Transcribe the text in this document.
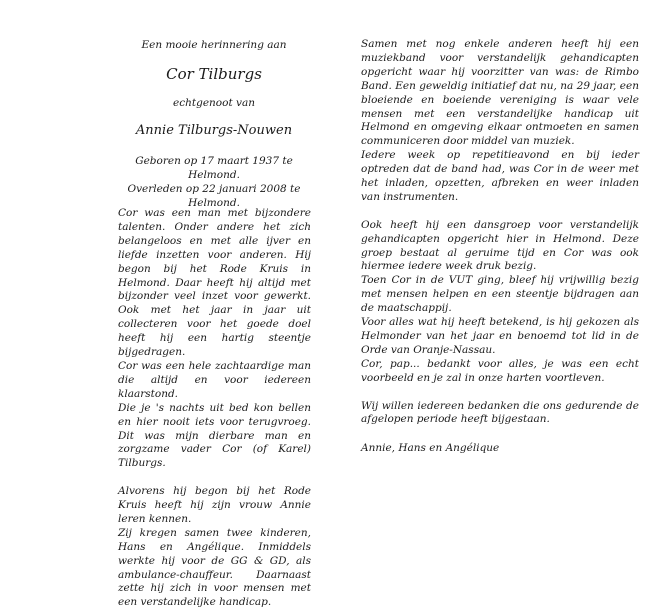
Een mooie herinnering aan
Cor Tilburgs
echtgenoot van
Annie Tilburgs-Nouwen
Geboren op 17 maart 1937 te Helmond.
Overleden op 22 januari 2008 te Helmond.

Cor was een man met bijzondere talenten. Onder andere het zich belangeloos en met alle ijver en liefde inzetten voor anderen. Hij begon bij het Rode Kruis in Helmond. Daar heeft hij altijd met bijzonder veel inzet voor gewerkt. Ook met het jaar in jaar uit collecteren voor het goede doel heeft hij een hartig steentje bijgedragen.

Cor was een hele zachtaardige man die altijd en voor iedereen klaarstond.

Die je 's nachts uit bed kon bellen en hier nooit iets voor terugvroeg. Dit was mijn dierbare man en zorgzame vader Cor (of Karel) Tilburgs.

Alvorens hij begon bij het Rode Kruis heeft hij zijn vrouw Annie leren kennen.

Zij kregen samen twee kinderen, Hans en Angélique. Inmiddels werkte hij voor de GG & GD, als ambulance-chauffeur. Daarnaast zette hij zich in voor mensen met een verstandelijke handicap.

Samen met nog enkele anderen heeft hij een muziekband voor verstandelijk gehandicapten opgericht waar hij voorzitter van was: de Rimbo Band. Een geweldig initiatief dat nu, na 29 jaar, een bloeiende en boeiende vereniging is waar vele mensen met een verstandelijke handicap uit Helmond en omgeving elkaar ontmoeten en samen communiceren door middel van muziek.

Iedere week op repetitieavond en bij ieder optreden dat de band had, was Cor in de weer met het inladen, opzetten, afbreken en weer inladen van instrumenten.

Ook heeft hij een dansgroep voor verstandelijk gehandicapten opgericht hier in Helmond. Deze groep bestaat al geruime tijd en Cor was ook hiermee iedere week druk bezig.

Toen Cor in de VUT ging, bleef hij vrijwillig bezig met mensen helpen en een steentje bijdragen aan de maatschappij.

Voor alles wat hij heeft betekend, is hij gekozen als Helmonder van het jaar en benoemd tot lid in de Orde van Oranje-Nassau.

Cor, pap... bedankt voor alles, je was een echt voorbeeld en je zal in onze harten voortleven.

Wij willen iedereen bedanken die ons gedurende de afgelopen periode heeft bijgestaan.

Annie, Hans en Angélique
